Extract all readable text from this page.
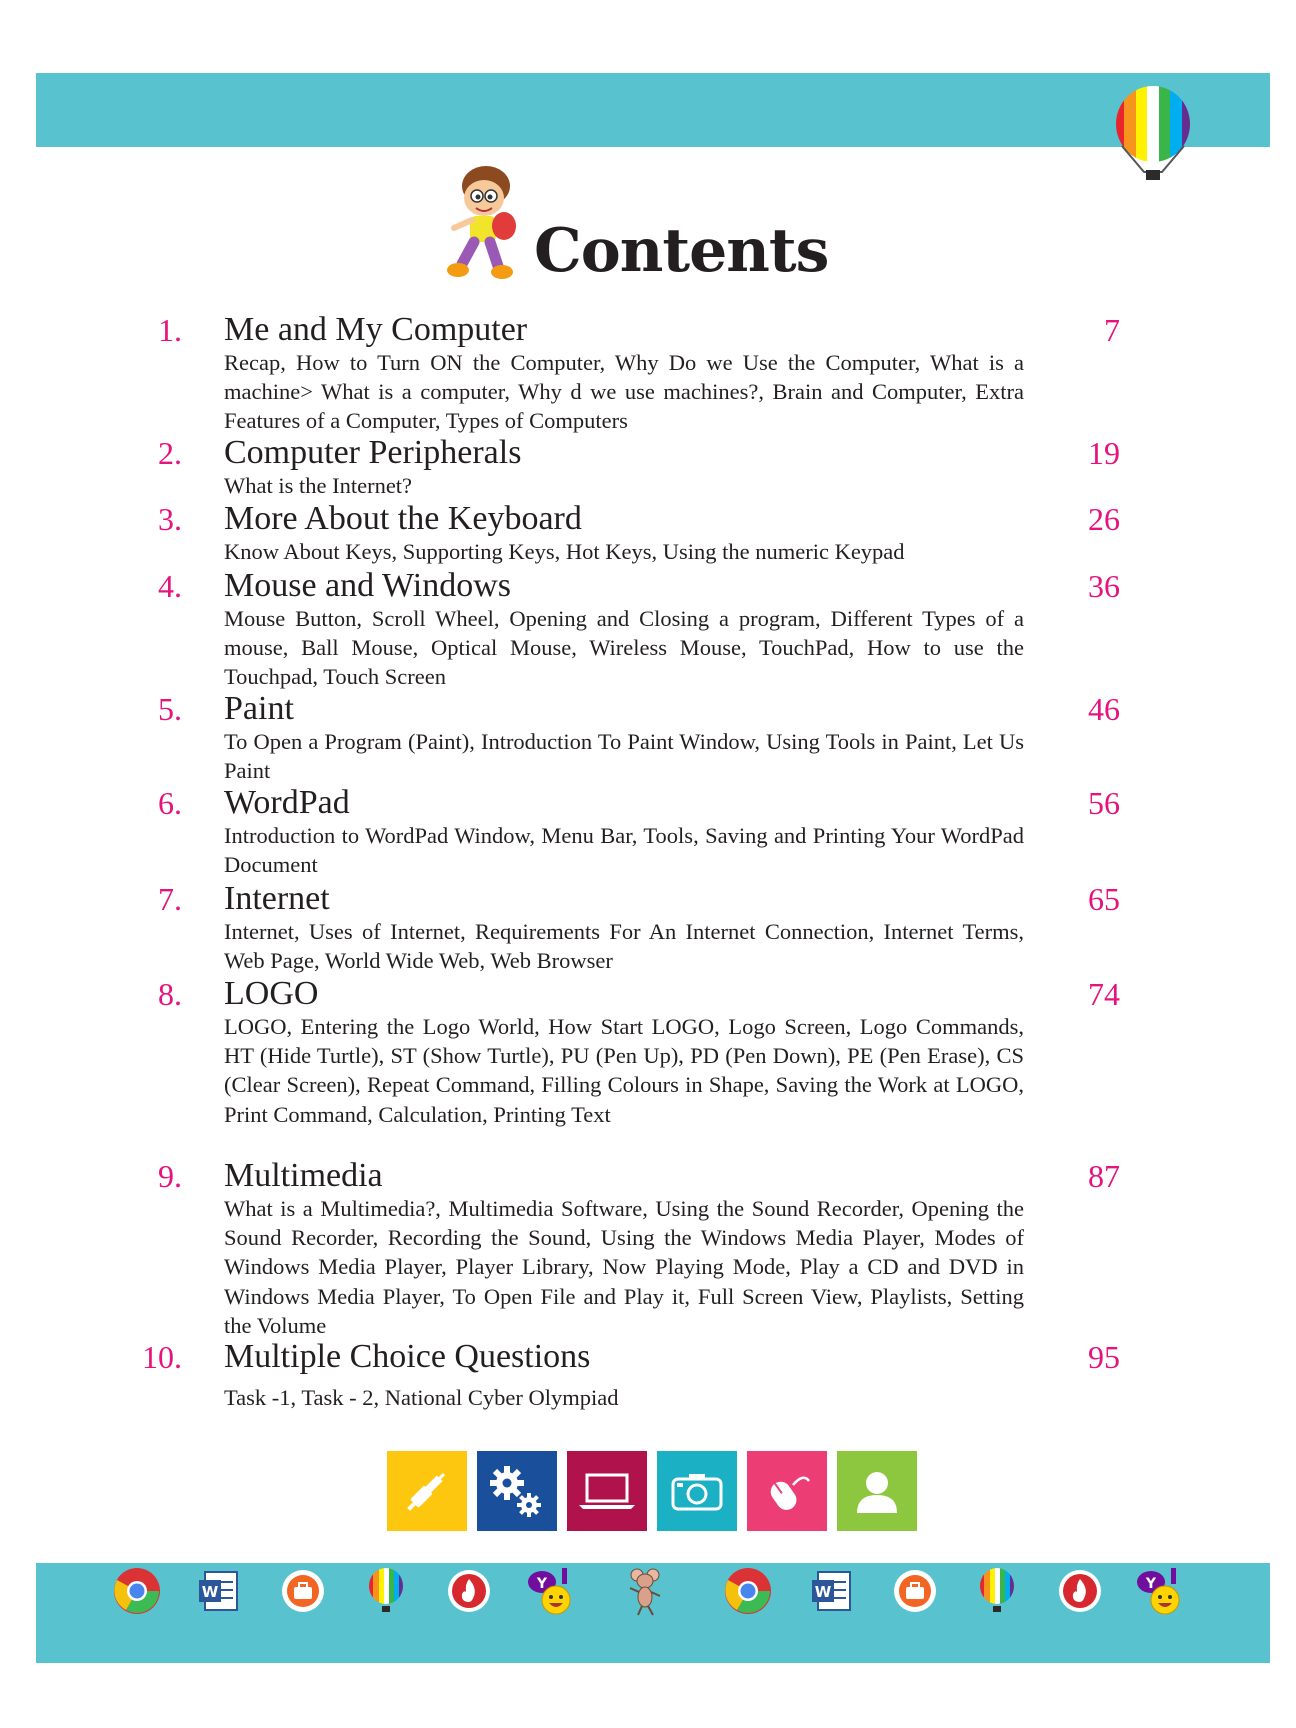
Contents
1. Me and My Computer	7
Recap, How to Turn ON the Computer, Why Do we Use the Computer, What is a machine> What is a computer, Why d we use machines?, Brain and Computer, Extra Features of a Computer, Types of Computers
2. Computer Peripherals	19
What is the Internet?
3. More About the Keyboard	26
Know About Keys, Supporting Keys, Hot Keys, Using the numeric Keypad
4. Mouse and Windows	36
Mouse Button, Scroll Wheel, Opening and Closing a program, Different Types of a mouse, Ball Mouse, Optical Mouse, Wireless Mouse, TouchPad, How to use the Touchpad, Touch Screen
5. Paint	46
To Open a Program (Paint), Introduction To Paint Window, Using Tools in Paint, Let Us Paint
6. WordPad	56
Introduction to WordPad Window, Menu Bar, Tools, Saving and Printing Your WordPad Document
7. Internet	65
Internet, Uses of Internet, Requirements For An Internet Connection, Internet Terms, Web Page, World Wide Web, Web Browser
8. LOGO	74
LOGO, Entering the Logo World, How Start LOGO, Logo Screen, Logo Commands, HT (Hide Turtle), ST (Show Turtle), PU (Pen Up), PD (Pen Down), PE (Pen Erase), CS (Clear Screen), Repeat Command, Filling Colours in Shape, Saving the Work at LOGO, Print Command, Calculation, Printing Text
9. Multimedia	87
What is a Multimedia?, Multimedia Software, Using the Sound Recorder, Opening the Sound Recorder, Recording the Sound, Using the Windows Media Player, Modes of Windows Media Player, Player Library, Now Playing Mode, Play a CD and DVD in Windows Media Player, To Open File and Play it, Full Screen View, Playlists, Setting the Volume
10. Multiple Choice Questions	95
Task -1, Task - 2, National Cyber Olympiad
W	Y	W	Y
